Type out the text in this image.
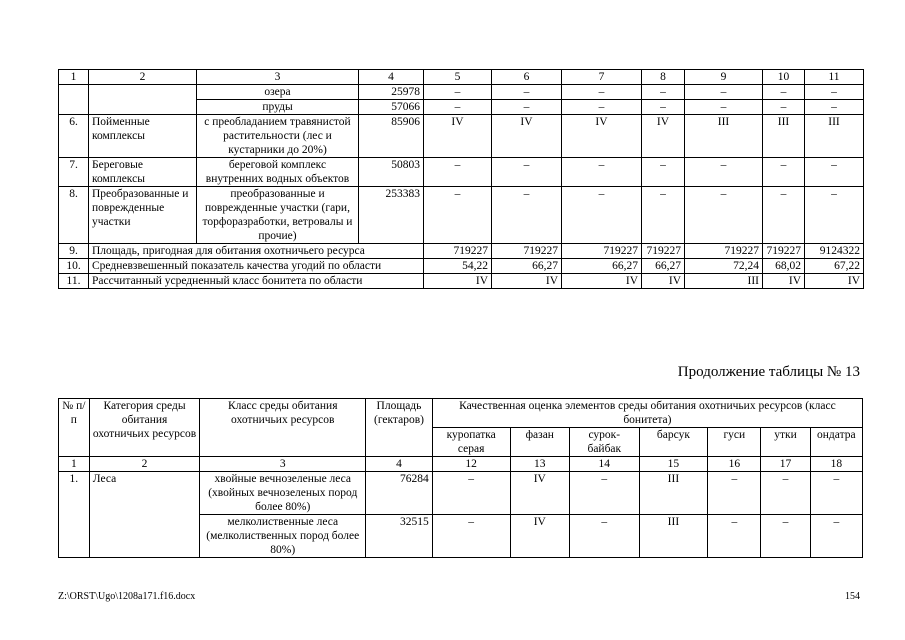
1	2	3	4	5	6	7	8	9	10	11
		озера	25978	–	–	–	–	–	–	–
		пруды	57066	–	–	–	–	–	–	–
6.	Пойменные комплексы	с преобладанием травянистой растительности (лес и кустарники до 20%)	85906	IV	IV	IV	IV	III	III	III
7.	Береговые комплексы	береговой комплекс внутренних водных объектов	50803	–	–	–	–	–	–	–
8.	Преобразованные и поврежденные участки	преобразованные и поврежденные участки (гари, торфоразработки, ветровалы и прочие)	253383	–	–	–	–	–	–	–
9.	Площадь, пригодная для обитания охотничьего ресурса			719227	719227	719227	719227	719227	719227	9124322
10.	Средневзвешенный показатель качества угодий по области			54,22	66,27	66,27	66,27	72,24	68,02	67,22
11.	Рассчитанный усредненный класс бонитета по области			IV	IV	IV	IV	III	IV	IV
Продолжение таблицы № 13
№ п/п	Категория среды обитания охотничьих ресурсов	Класс среды обитания охотничьих ресурсов	Площадь (гектаров)	Качественная оценка элементов среды обитания охотничьих ресурсов (класс бонитета)						
				куропатка серая	фазан	сурок-байбак	барсук	гуси	утки	ондатра
1	2	3	4	12	13	14	15	16	17	18
1.	Леса	хвойные вечнозеленые леса (хвойных вечнозеленых пород более 80%)	76284	–	IV	–	III	–	–	–
		мелколиственные леса (мелколиственных пород более 80%)	32515	–	IV	–	III	–	–	–
Z:\ORST\Ugo\1208a171.f16.docx	154
